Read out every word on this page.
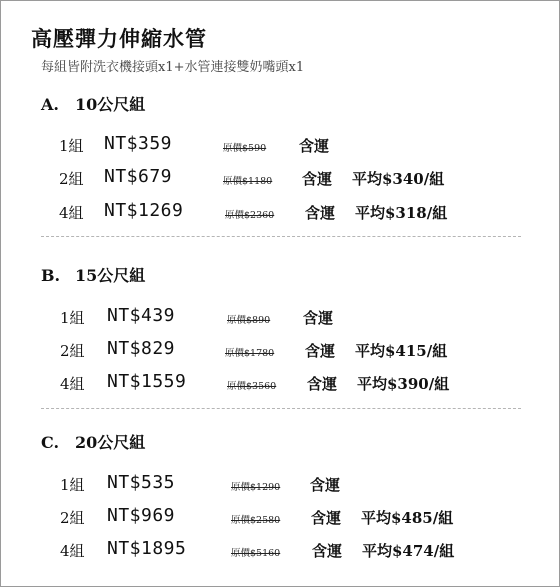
高壓彈力伸縮水管
每組皆附洗衣機接頭x1+水管連接雙奶嘴頭x1
A. 10公尺組
1組 NT$359	原價$590 含運
2組 NT$679	原價$1180 含運 平均$340/組
4組 NT$1269	原價$2360 含運 平均$318/組
B. 15公尺組
1組 NT$439	原價$890 含運
2組 NT$829	原價$1780 含運 平均$415/組
4組 NT$1559	原價$3560 含運 平均$390/組
C. 20公尺組
1組 NT$535	原價$1290 含運
2組 NT$969	原價$2580 含運 平均$485/組
4組 NT$1895	原價$5160 含運 平均$474/組
